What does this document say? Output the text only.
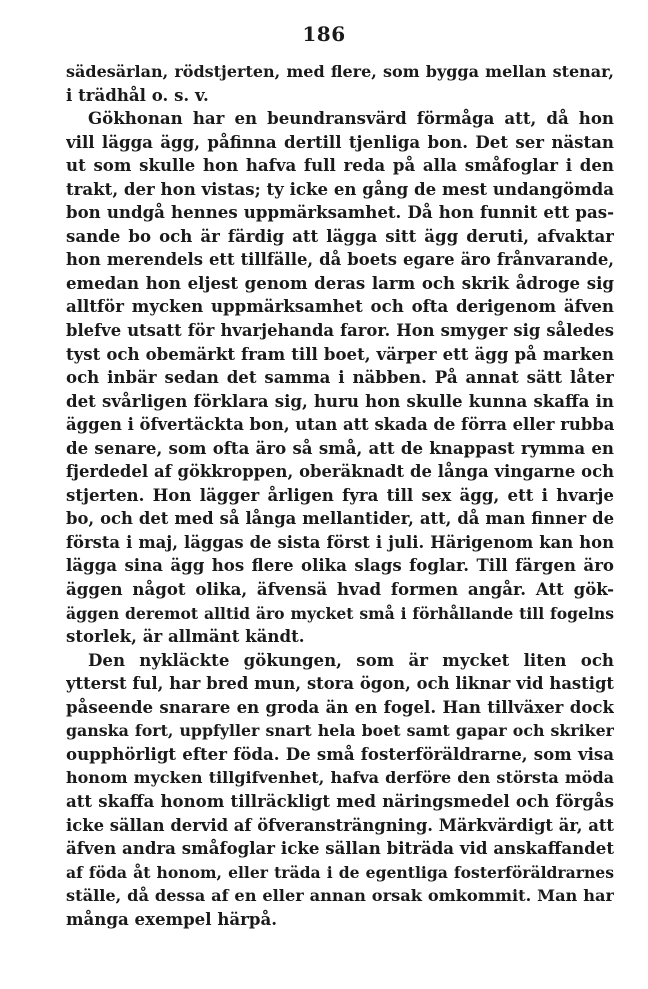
186
sädesärlan, rödstjerten, med flere, som bygga mellan stenar,
i trädhål o. s. v.
Gökhonan har en beundransvärd förmåga att, då hon
vill lägga ägg, påfinna dertill tjenliga bon. Det ser nästan
ut som skulle hon hafva full reda på alla småfoglar i den
trakt, der hon vistas; ty icke en gång de mest undangömda
bon undgå hennes uppmärksamhet. Då hon funnit ett pas-
sande bo och är färdig att lägga sitt ägg deruti, afvaktar
hon merendels ett tillfälle, då boets egare äro frånvarande,
emedan hon eljest genom deras larm och skrik ådroge sig
alltför mycken uppmärksamhet och ofta derigenom äfven
blefve utsatt för hvarjehanda faror. Hon smyger sig således
tyst och obemärkt fram till boet, värper ett ägg på marken
och inbär sedan det samma i näbben. På annat sätt låter
det svårligen förklara sig, huru hon skulle kunna skaffa in
äggen i öfvertäckta bon, utan att skada de förra eller rubba
de senare, som ofta äro så små, att de knappast rymma en
fjerdedel af gökkroppen, oberäknadt de långa vingarne och
stjerten. Hon lägger årligen fyra till sex ägg, ett i hvarje
bo, och det med så långa mellantider, att, då man finner de
första i maj, läggas de sista först i juli. Härigenom kan hon
lägga sina ägg hos flere olika slags foglar. Till färgen äro
äggen något olika, äfvensä hvad formen angår. Att gök-
äggen deremot alltid äro mycket små i förhållande till fogelns
storlek, är allmänt kändt.
Den nykläckte gökungen, som är mycket liten och
ytterst ful, har bred mun, stora ögon, och liknar vid hastigt
påseende snarare en groda än en fogel. Han tillväxer dock
ganska fort, uppfyller snart hela boet samt gapar och skriker
oupphörligt efter föda. De små fosterföräldrarne, som visa
honom mycken tillgifvenhet, hafva derföre den största möda
att skaffa honom tillräckligt med näringsmedel och förgås
icke sällan dervid af öfveransträngning. Märkvärdigt är, att
äfven andra småfoglar icke sällan biträda vid anskaffandet
af föda åt honom, eller träda i de egentliga fosterföräldrarnes
ställe, då dessa af en eller annan orsak omkommit. Man har
många exempel härpå.
